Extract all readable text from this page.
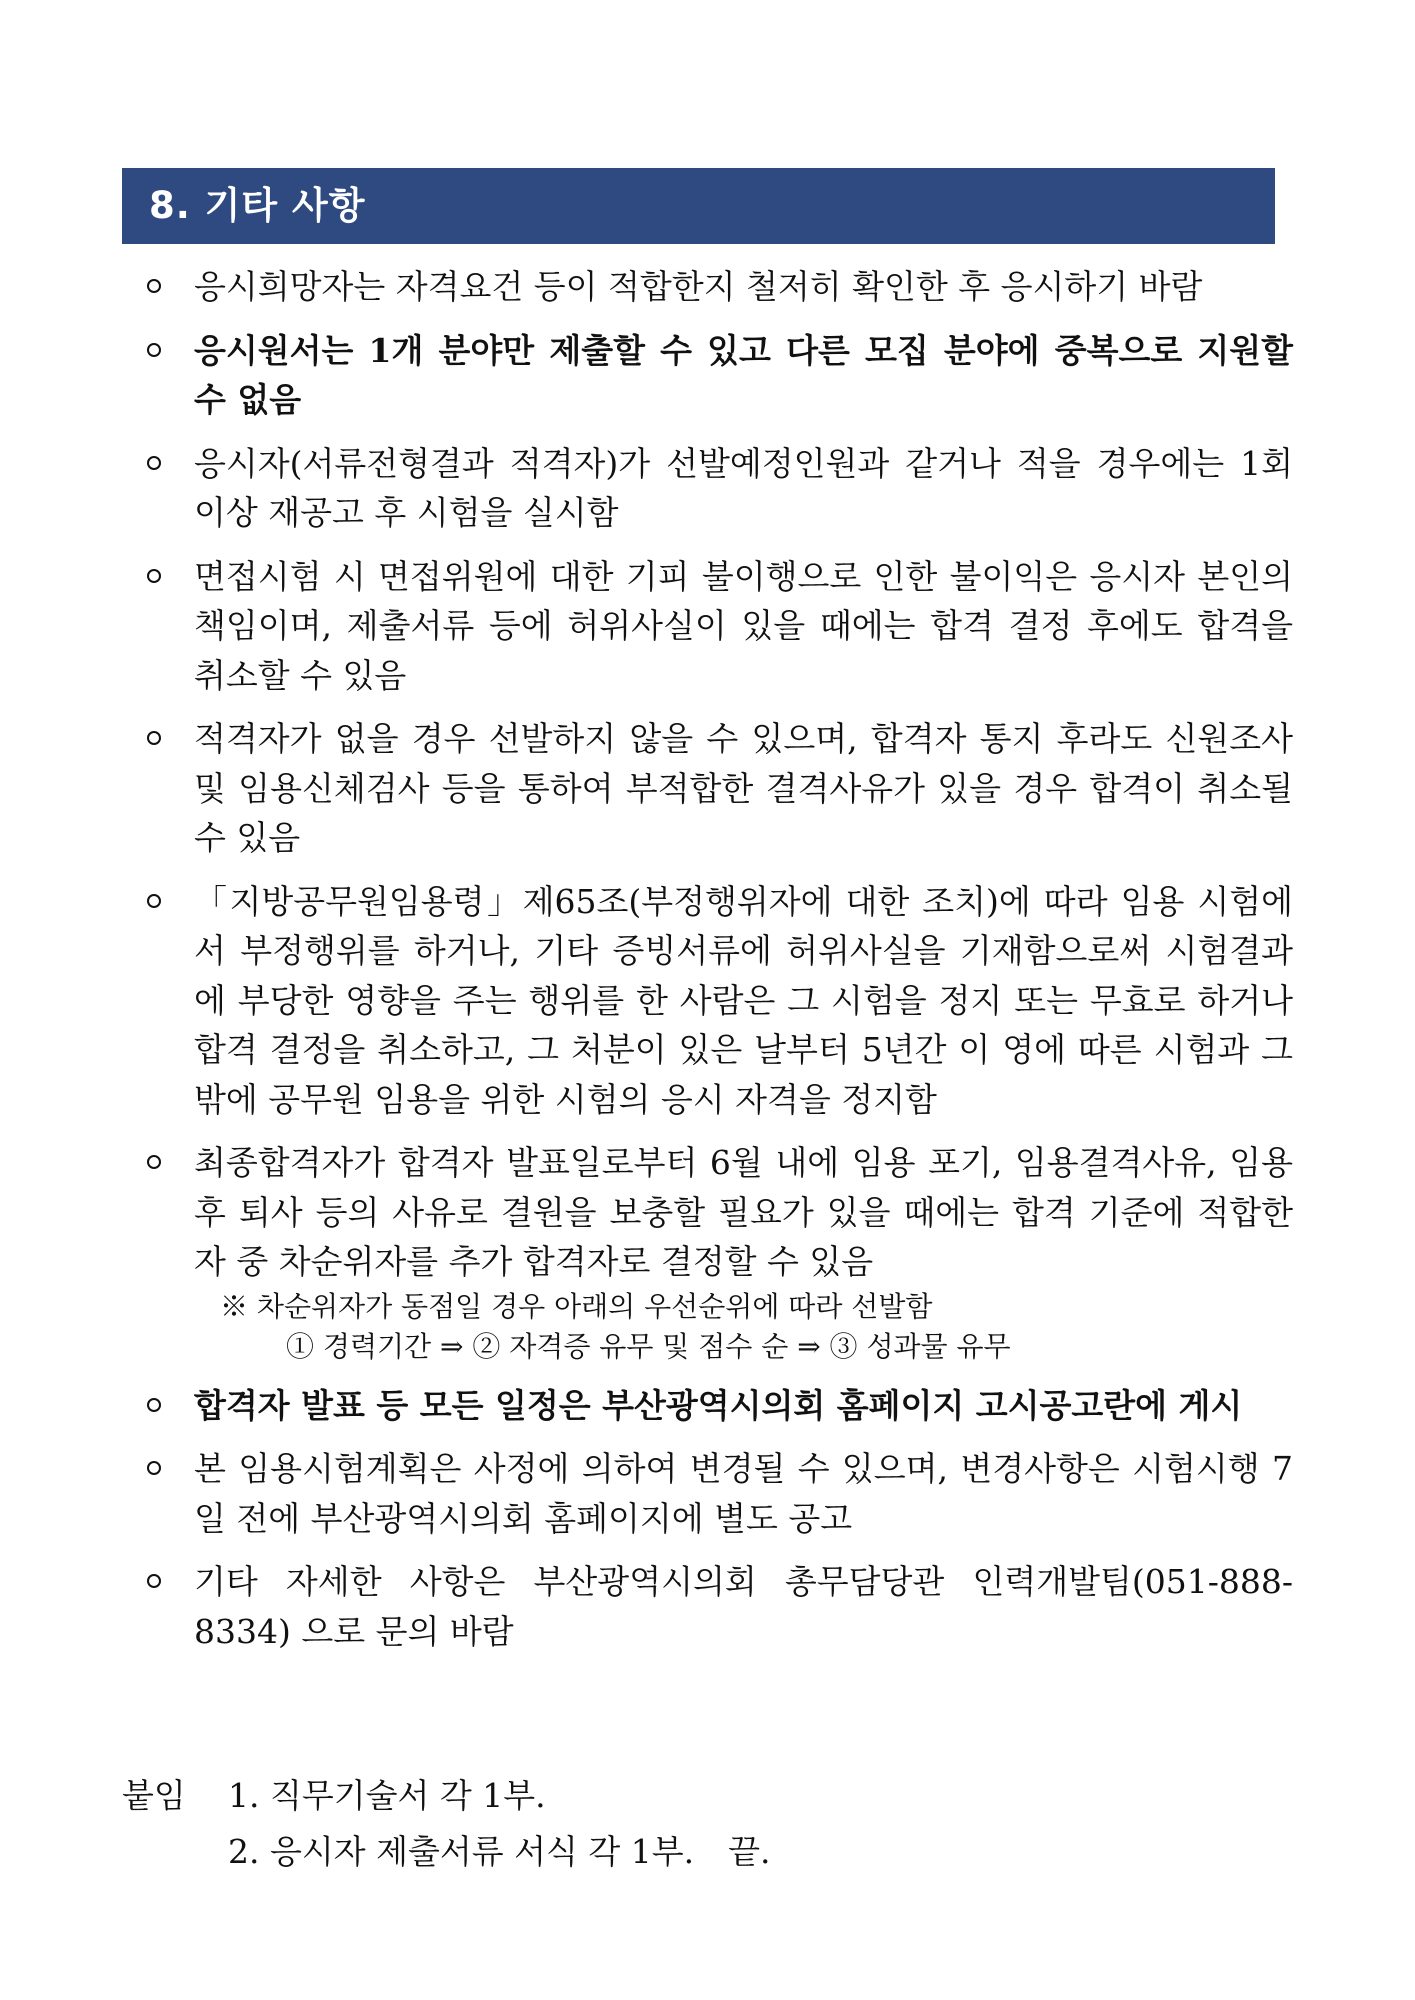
8. 기타 사항
응시희망자는 자격요건 등이 적합한지 철저히 확인한 후 응시하기 바람
응시원서는 1개 분야만 제출할 수 있고 다른 모집 분야에 중복으로 지원할 수 없음
응시자(서류전형결과 적격자)가 선발예정인원과 같거나 적을 경우에는 1회 이상 재공고 후 시험을 실시함
면접시험 시 면접위원에 대한 기피 불이행으로 인한 불이익은 응시자 본인의 책임이며, 제출서류 등에 허위사실이 있을 때에는 합격 결정 후에도 합격을 취소할 수 있음
적격자가 없을 경우 선발하지 않을 수 있으며, 합격자 통지 후라도 신원조사 및 임용신체검사 등을 통하여 부적합한 결격사유가 있을 경우 합격이 취소될 수 있음
「지방공무원임용령」제65조(부정행위자에 대한 조치)에 따라 임용 시험에서 부정행위를 하거나, 기타 증빙서류에 허위사실을 기재함으로써 시험결과에 부당한 영향을 주는 행위를 한 사람은 그 시험을 정지 또는 무효로 하거나 합격 결정을 취소하고, 그 처분이 있은 날부터 5년간 이 영에 따른 시험과 그 밖에 공무원 임용을 위한 시험의 응시 자격을 정지함
최종합격자가 합격자 발표일로부터 6월 내에 임용 포기, 임용결격사유, 임용 후 퇴사 등의 사유로 결원을 보충할 필요가 있을 때에는 합격 기준에 적합한 자 중 차순위자를 추가 합격자로 결정할 수 있음
※ 차순위자가 동점일 경우 아래의 우선순위에 따라 선발함
① 경력기간 ⇒ ② 자격증 유무 및 점수 순 ⇒ ③ 성과물 유무
합격자 발표 등 모든 일정은 부산광역시의회 홈페이지 고시공고란에 게시
본 임용시험계획은 사정에 의하여 변경될 수 있으며, 변경사항은 시험시행 7일 전에 부산광역시의회 홈페이지에 별도 공고
기타 자세한 사항은 부산광역시의회 총무담당관 인력개발팀(051-888-8334) 으로 문의 바람
붙임	1. 직무기술서 각 1부.
2. 응시자 제출서류 서식 각 1부. 끝.
